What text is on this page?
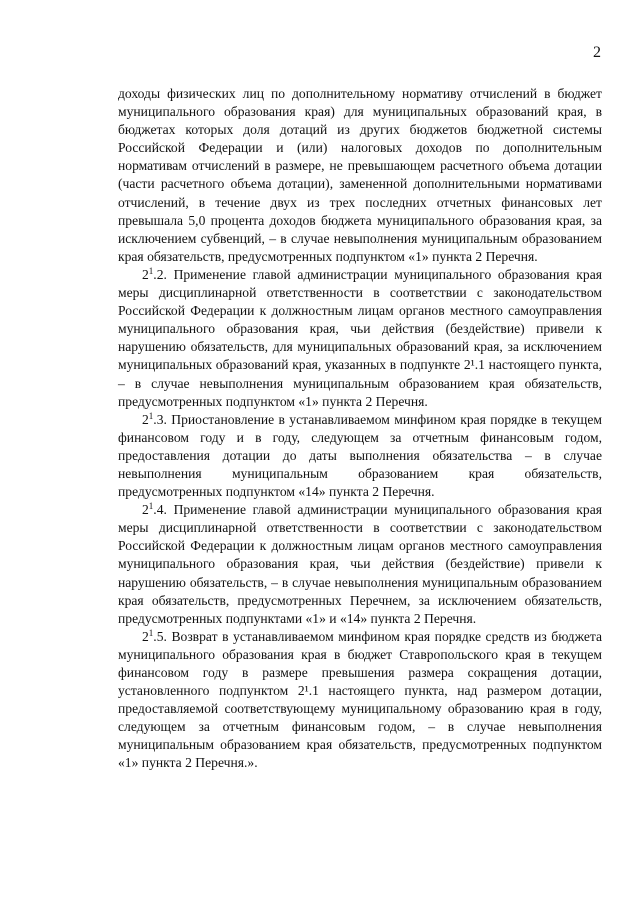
2

доходы физических лиц по дополнительному нормативу отчислений в бюджет муниципального образования края) для муниципальных образований края, в бюджетах которых доля дотаций из других бюджетов бюджетной системы Российской Федерации и (или) налоговых доходов по дополнительным нормативам отчислений в размере, не превышающем расчетного объема дотации (части расчетного объема дотации), замененной дополнительными нормативами отчислений, в течение двух из трех последних отчетных финансовых лет превышала 5,0 процента доходов бюджета муниципального образования края, за исключением субвенций, – в случае невыполнения муниципальным образованием края обязательств, предусмотренных подпунктом «1» пункта 2 Перечня.

$2^1.2$. Применение главой администрации муниципального образования края меры дисциплинарной ответственности в соответствии с законодательством Российской Федерации к должностным лицам органов местного самоуправления муниципального образования края, чьи действия (бездействие) привели к нарушению обязательств, для муниципальных образований края, за исключением муниципальных образований края, указанных в подпункте 2¹.1 настоящего пункта, – в случае невыполнения муниципальным образованием края обязательств, предусмотренных подпунктом «1» пункта 2 Перечня.

$2^1.3$. Приостановление в устанавливаемом минфином края порядке в текущем финансовом году и в году, следующем за отчетным финансовым годом, предоставления дотации до даты выполнения обязательства – в случае невыполнения муниципальным образованием края обязательств, предусмотренных подпунктом «14» пункта 2 Перечня.

$2^1.4$. Применение главой администрации муниципального образования края меры дисциплинарной ответственности в соответствии с законодательством Российской Федерации к должностным лицам органов местного самоуправления муниципального образования края, чьи действия (бездействие) привели к нарушению обязательств, – в случае невыполнения муниципальным образованием края обязательств, предусмотренных Перечнем, за исключением обязательств, предусмотренных подпунктами «1» и «14» пункта 2 Перечня.

$2^1.5$. Возврат в устанавливаемом минфином края порядке средств из бюджета муниципального образования края в бюджет Ставропольского края в текущем финансовом году в размере превышения размера сокращения дотации, установленного подпунктом 2¹.1 настоящего пункта, над размером дотации, предоставляемой соответствующему муниципальному образованию края в году, следующем за отчетным финансовым годом, – в случае невыполнения муниципальным образованием края обязательств, предусмотренных подпунктом «1» пункта 2 Перечня.».
